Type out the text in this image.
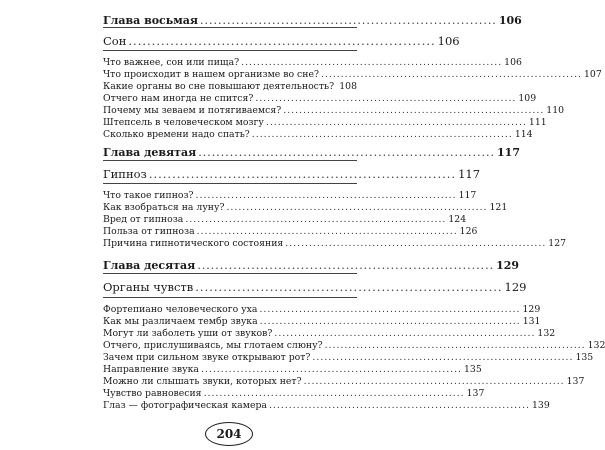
Глава восьмая .................................................................. 106
Сон .................................................................. 106
Что важнее, сон или пища? .................................................................. 106
Что происходит в нашем организме во сне? .................................................................. 107
Какие органы во сне повышают деятельность? 108
Отчего нам иногда не спится? .................................................................. 109
Почему мы зеваем и потягиваемся? .................................................................. 110
Штепсель в человеческом мозгу .................................................................. 111
Сколько времени надо спать? .................................................................. 114
Глава девятая .................................................................. 117
Гипноз .................................................................. 117
Что такое гипноз? .................................................................. 117
Как взобраться на луну? .................................................................. 121
Вред от гипноза .................................................................. 124
Польза от гипноза .................................................................. 126
Причина гипнотического состояния .................................................................. 127
Глава десятая .................................................................. 129
Органы чувств .................................................................. 129
Фортепиано человеческого уха .................................................................. 129
Как мы различаем тембр звука .................................................................. 131
Могут ли заболеть уши от звуков? .................................................................. 132
Отчего, прислушиваясь, мы глотаем слюну? .................................................................. 132
Зачем при сильном звуке открывают рот? .................................................................. 135
Направление звука .................................................................. 135
Можно ли слышать звуки, которых нет? .................................................................. 137
Чувство равновесия .................................................................. 137
Глаз — фотографическая камера .................................................................. 139
204
